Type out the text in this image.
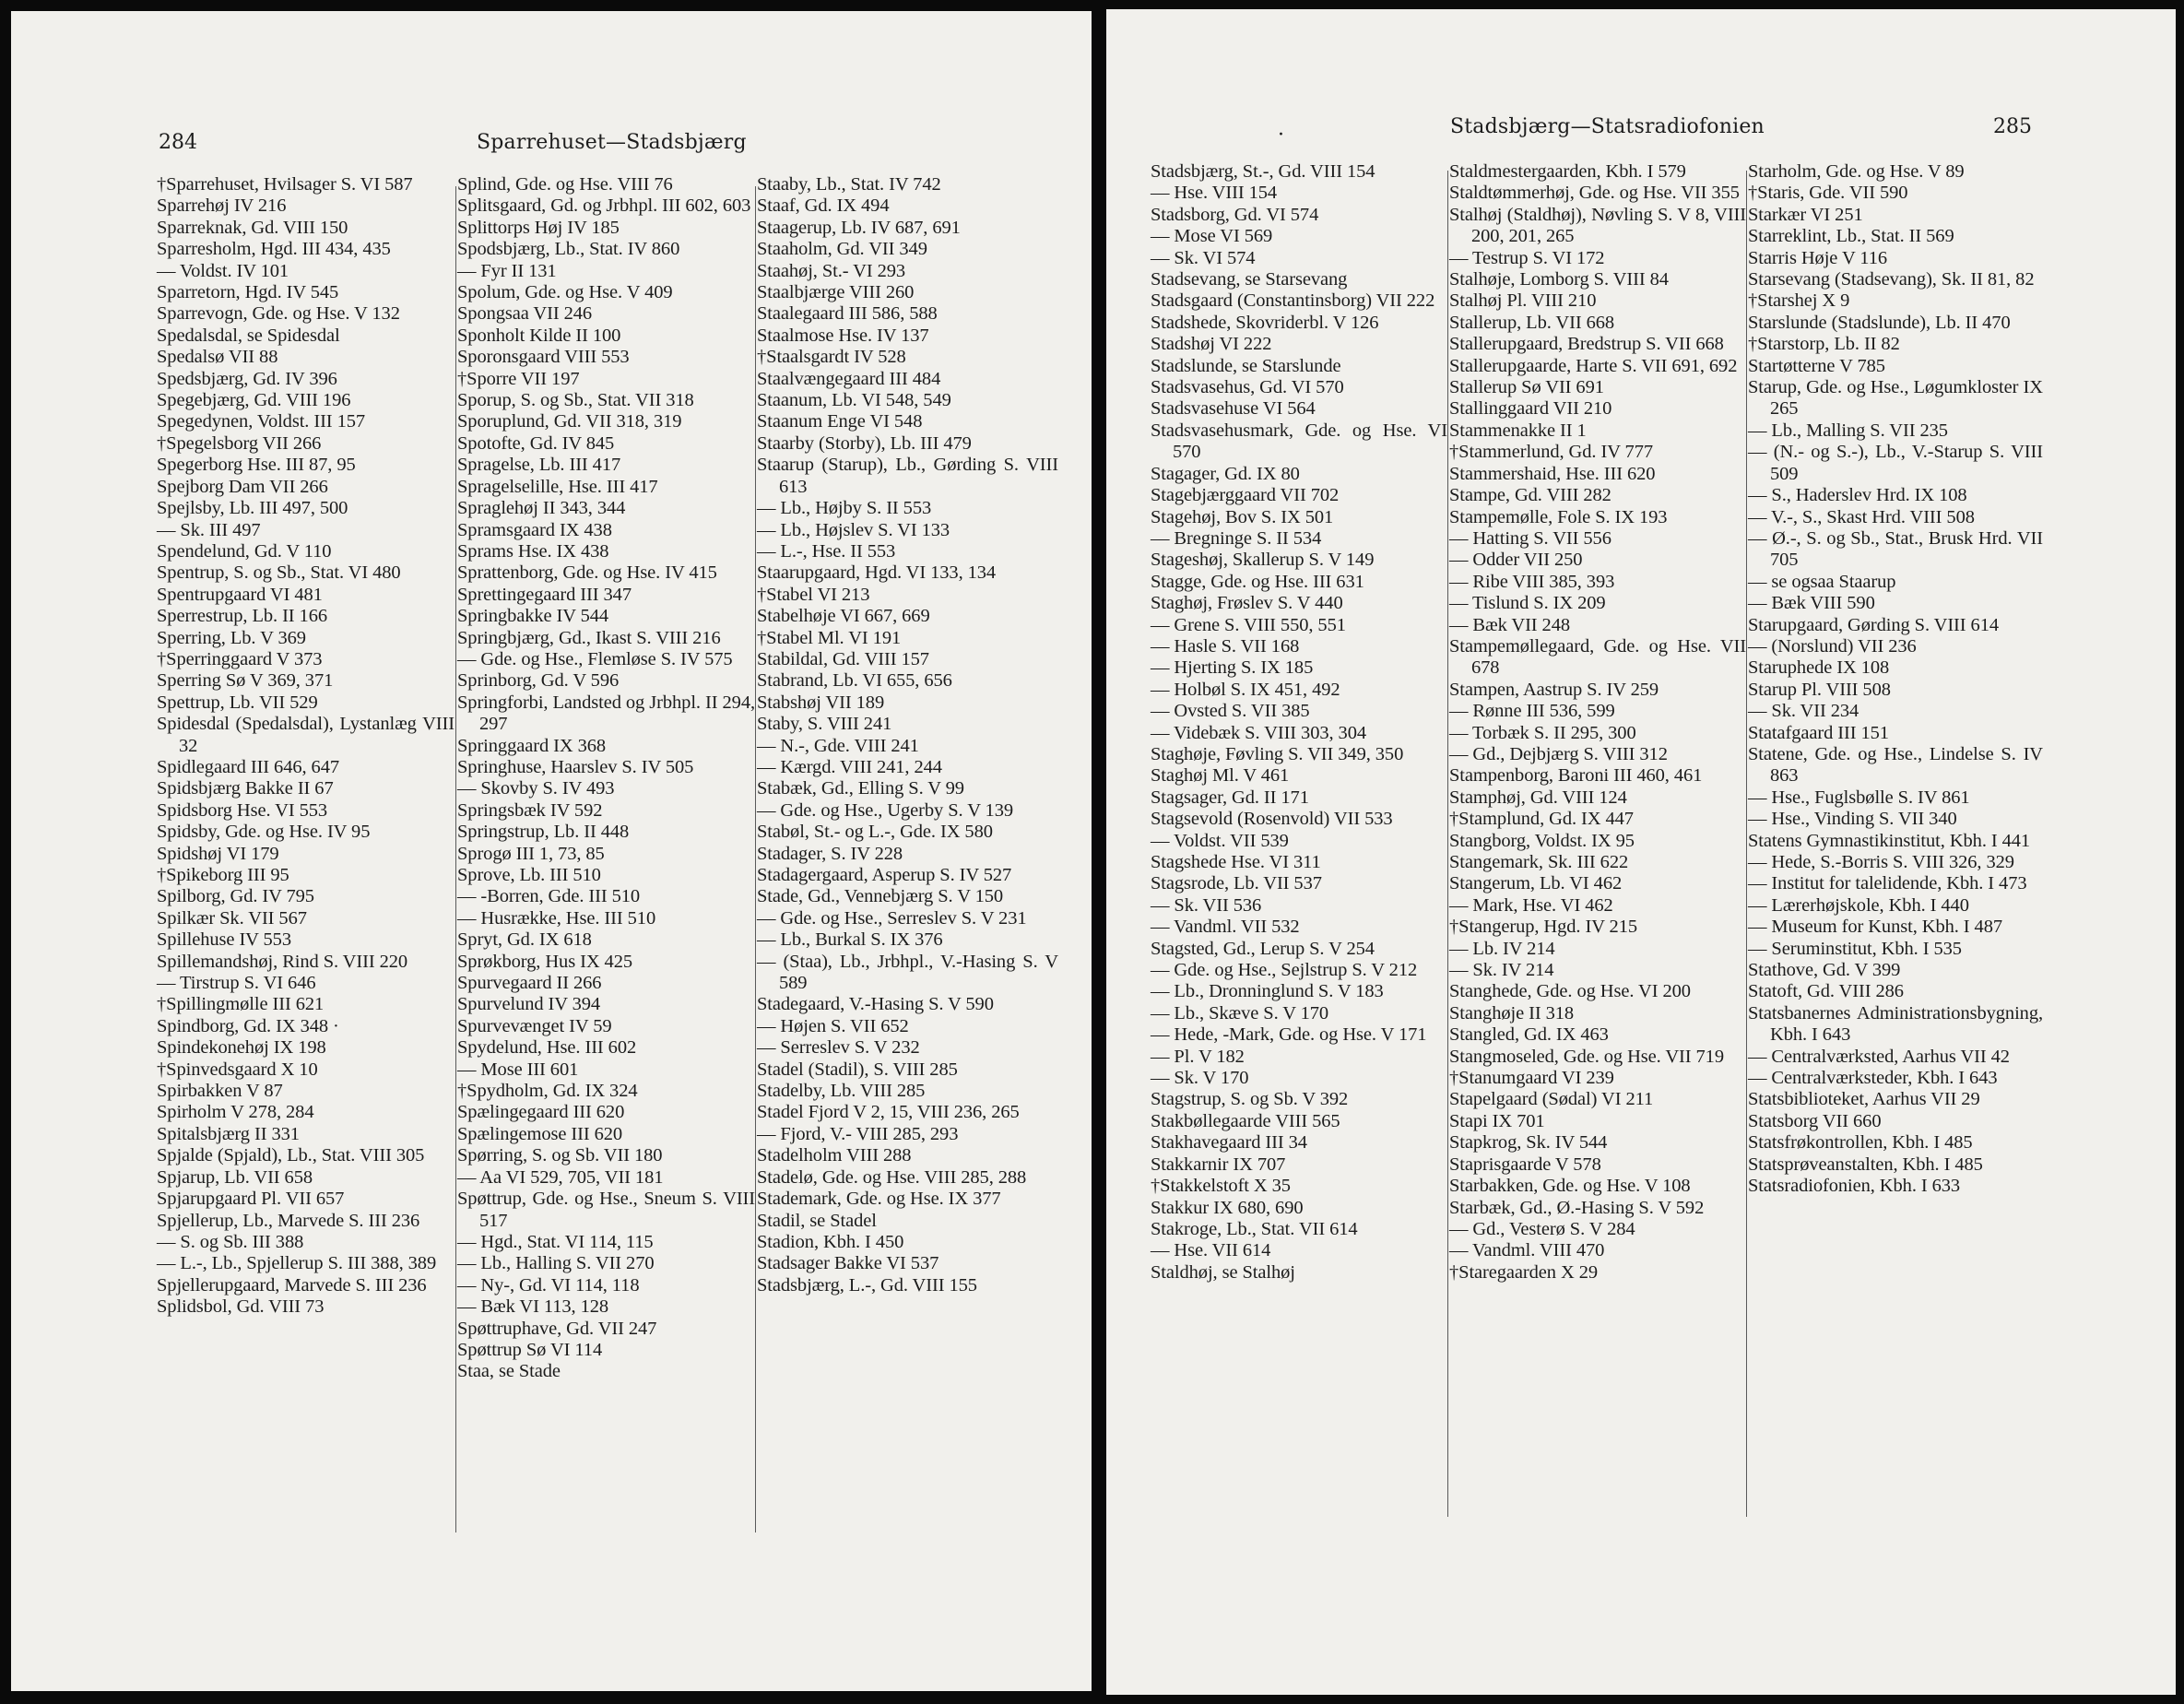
284	Sparrehuset—Stadsbjærg
†Sparrehuset, Hvilsager S. VI 587
Sparrehøj IV 216
Sparreknak, Gd. VIII 150
Sparresholm, Hgd. III 434, 435
— Voldst. IV 101
Sparretorn, Hgd. IV 545
Sparrevogn, Gde. og Hse. V 132
Spedalsdal, se Spidesdal
Spedalsø VII 88
Spedsbjærg, Gd. IV 396
Spegebjærg, Gd. VIII 196
Spegedynen, Voldst. III 157
†Spegelsborg VII 266
Spegerborg Hse. III 87, 95
Spejborg Dam VII 266
Spejlsby, Lb. III 497, 500
— Sk. III 497
Spendelund, Gd. V 110
Spentrup, S. og Sb., Stat. VI 480
Spentrupgaard VI 481
Sperrestrup, Lb. II 166
Sperring, Lb. V 369
†Sperringgaard V 373
Sperring Sø V 369, 371
Spettrup, Lb. VII 529
Spidesdal (Spedalsdal), Lystanlæg VIII 32
Spidlegaard III 646, 647
Spidsbjærg Bakke II 67
Spidsborg Hse. VI 553
Spidsby, Gde. og Hse. IV 95
Spidshøj VI 179
†Spikeborg III 95
Spilborg, Gd. IV 795
Spilkær Sk. VII 567
Spillehuse IV 553
Spillemandshøj, Rind S. VIII 220
— Tirstrup S. VI 646
†Spillingmølle III 621
Spindborg, Gd. IX 348 ·
Spindekonehøj IX 198
†Spinvedsgaard X 10
Spirbakken V 87
Spirholm V 278, 284
Spitalsbjærg II 331
Spjalde (Spjald), Lb., Stat. VIII 305
Spjarup, Lb. VII 658
Spjarupgaard Pl. VII 657
Spjellerup, Lb., Marvede S. III 236
— S. og Sb. III 388
— L.-, Lb., Spjellerup S. III 388, 389
Spjellerupgaard, Marvede S. III 236
Splidsbol, Gd. VIII 73
Splind, Gde. og Hse. VIII 76
Splitsgaard, Gd. og Jrbhpl. III 602, 603
Splittorps Høj IV 185
Spodsbjærg, Lb., Stat. IV 860
— Fyr II 131
Spolum, Gde. og Hse. V 409
Spongsaa VII 246
Sponholt Kilde II 100
Sporonsgaard VIII 553
†Sporre VII 197
Sporup, S. og Sb., Stat. VII 318
Sporuplund, Gd. VII 318, 319
Spotofte, Gd. IV 845
Spragelse, Lb. III 417
Spragelselille, Hse. III 417
Spraglehøj II 343, 344
Spramsgaard IX 438
Sprams Hse. IX 438
Sprattenborg, Gde. og Hse. IV 415
Sprettingegaard III 347
Springbakke IV 544
Springbjærg, Gd., Ikast S. VIII 216
— Gde. og Hse., Flemløse S. IV 575
Sprinborg, Gd. V 596
Springforbi, Landsted og Jrbhpl. II 294, 297
Springgaard IX 368
Springhuse, Haarslev S. IV 505
— Skovby S. IV 493
Springsbæk IV 592
Springstrup, Lb. II 448
Sprogø III 1, 73, 85
Sprove, Lb. III 510
— -Borren, Gde. III 510
— Husrække, Hse. III 510
Spryt, Gd. IX 618
Sprøkborg, Hus IX 425
Spurvegaard II 266
Spurvelund IV 394
Spurvevænget IV 59
Spydelund, Hse. III 602
— Mose III 601
†Spydholm, Gd. IX 324
Spælingegaard III 620
Spælingemose III 620
Spørring, S. og Sb. VII 180
— Aa VI 529, 705, VII 181
Spøttrup, Gde. og Hse., Sneum S. VIII 517
— Hgd., Stat. VI 114, 115
— Lb., Halling S. VII 270
— Ny-, Gd. VI 114, 118
— Bæk VI 113, 128
Spøttruphave, Gd. VII 247
Spøttrup Sø VI 114
Staa, se Stade
Staaby, Lb., Stat. IV 742
Staaf, Gd. IX 494
Staagerup, Lb. IV 687, 691
Staaholm, Gd. VII 349
Staahøj, St.- VI 293
Staalbjærge VIII 260
Staalegaard III 586, 588
Staalmose Hse. IV 137
†Staalsgardt IV 528
Staalvængegaard III 484
Staanum, Lb. VI 548, 549
Staanum Enge VI 548
Staarby (Storby), Lb. III 479
Staarup (Starup), Lb., Gørding S. VIII 613
— Lb., Højby S. II 553
— Lb., Højslev S. VI 133
— L.-, Hse. II 553
Staarupgaard, Hgd. VI 133, 134
†Stabel VI 213
Stabelhøje VI 667, 669
†Stabel Ml. VI 191
Stabildal, Gd. VIII 157
Stabrand, Lb. VI 655, 656
Stabshøj VII 189
Staby, S. VIII 241
— N.-, Gde. VIII 241
— Kærgd. VIII 241, 244
Stabæk, Gd., Elling S. V 99
— Gde. og Hse., Ugerby S. V 139
Stabøl, St.- og L.-, Gde. IX 580
Stadager, S. IV 228
Stadagergaard, Asperup S. IV 527
Stade, Gd., Vennebjærg S. V 150
— Gde. og Hse., Serreslev S. V 231
— Lb., Burkal S. IX 376
— (Staa), Lb., Jrbhpl., V.-Hasing S. V 589
Stadegaard, V.-Hasing S. V 590
— Højen S. VII 652
— Serreslev S. V 232
Stadel (Stadil), S. VIII 285
Stadelby, Lb. VIII 285
Stadel Fjord V 2, 15, VIII 236, 265
— Fjord, V.- VIII 285, 293
Stadelholm VIII 288
Stadelø, Gde. og Hse. VIII 285, 288
Stademark, Gde. og Hse. IX 377
Stadil, se Stadel
Stadion, Kbh. I 450
Stadsager Bakke VI 537
Stadsbjærg, L.-, Gd. VIII 155
·	Stadsbjærg—Statsradiofonien	285
Stadsbjærg, St.-, Gd. VIII 154
— Hse. VIII 154
Stadsborg, Gd. VI 574
— Mose VI 569
— Sk. VI 574
Stadsevang, se Starsevang
Stadsgaard (Constantinsborg) VII 222
Stadshede, Skovriderbl. V 126
Stadshøj VI 222
Stadslunde, se Starslunde
Stadsvasehus, Gd. VI 570
Stadsvasehuse VI 564
Stadsvasehusmark, Gde. og Hse. VI 570
Stagager, Gd. IX 80
Stagebjærggaard VII 702
Stagehøj, Bov S. IX 501
— Bregninge S. II 534
Stageshøj, Skallerup S. V 149
Stagge, Gde. og Hse. III 631
Staghøj, Frøslev S. V 440
— Grene S. VIII 550, 551
— Hasle S. VII 168
— Hjerting S. IX 185
— Holbøl S. IX 451, 492
— Ovsted S. VII 385
— Videbæk S. VIII 303, 304
Staghøje, Føvling S. VII 349, 350
Staghøj Ml. V 461
Stagsager, Gd. II 171
Stagsevold (Rosenvold) VII 533
— Voldst. VII 539
Stagshede Hse. VI 311
Stagsrode, Lb. VII 537
— Sk. VII 536
— Vandml. VII 532
Stagsted, Gd., Lerup S. V 254
— Gde. og Hse., Sejlstrup S. V 212
— Lb., Dronninglund S. V 183
— Lb., Skæve S. V 170
— Hede, -Mark, Gde. og Hse. V 171
— Pl. V 182
— Sk. V 170
Stagstrup, S. og Sb. V 392
Stakbøllegaarde VIII 565
Stakhavegaard III 34
Stakkarnir IX 707
†Stakkelstoft X 35
Stakkur IX 680, 690
Stakroge, Lb., Stat. VII 614
— Hse. VII 614
Staldhøj, se Stalhøj
Staldmestergaarden, Kbh. I 579
Staldtømmerhøj, Gde. og Hse. VII 355
Stalhøj (Staldhøj), Nøvling S. V 8, VIII 200, 201, 265
— Testrup S. VI 172
Stalhøje, Lomborg S. VIII 84
Stalhøj Pl. VIII 210
Stallerup, Lb. VII 668
Stallerupgaard, Bredstrup S. VII 668
Stallerupgaarde, Harte S. VII 691, 692
Stallerup Sø VII 691
Stallinggaard VII 210
Stammenakke II 1
†Stammerlund, Gd. IV 777
Stammershaid, Hse. III 620
Stampe, Gd. VIII 282
Stampemølle, Fole S. IX 193
— Hatting S. VII 556
— Odder VII 250
— Ribe VIII 385, 393
— Tislund S. IX 209
— Bæk VII 248
Stampemøllegaard, Gde. og Hse. VII 678
Stampen, Aastrup S. IV 259
— Rønne III 536, 599
— Torbæk S. II 295, 300
— Gd., Dejbjærg S. VIII 312
Stampenborg, Baroni III 460, 461
Stamphøj, Gd. VIII 124
†Stamplund, Gd. IX 447
Stangborg, Voldst. IX 95
Stangemark, Sk. III 622
Stangerum, Lb. VI 462
— Mark, Hse. VI 462
†Stangerup, Hgd. IV 215
— Lb. IV 214
— Sk. IV 214
Stanghede, Gde. og Hse. VI 200
Stanghøje II 318
Stangled, Gd. IX 463
Stangmoseled, Gde. og Hse. VII 719
†Stanumgaard VI 239
Stapelgaard (Sødal) VI 211
Stapi IX 701
Stapkrog, Sk. IV 544
Staprisgaarde V 578
Starbakken, Gde. og Hse. V 108
Starbæk, Gd., Ø.-Hasing S. V 592
— Gd., Vesterø S. V 284
— Vandml. VIII 470
†Staregaarden X 29
Starholm, Gde. og Hse. V 89
†Staris, Gde. VII 590
Starkær VI 251
Starreklint, Lb., Stat. II 569
Starris Høje V 116
Starsevang (Stadsevang), Sk. II 81, 82
†Starshej X 9
Starslunde (Stadslunde), Lb. II 470
†Starstorp, Lb. II 82
Startøtterne V 785
Starup, Gde. og Hse., Løgumkloster IX 265
— Lb., Malling S. VII 235
— (N.- og S.-), Lb., V.-Starup S. VIII 509
— S., Haderslev Hrd. IX 108
— V.-, S., Skast Hrd. VIII 508
— Ø.-, S. og Sb., Stat., Brusk Hrd. VII 705
— se ogsaa Staarup
— Bæk VIII 590
Starupgaard, Gørding S. VIII 614
— (Norslund) VII 236
Staruphede IX 108
Starup Pl. VIII 508
— Sk. VII 234
Statafgaard III 151
Statene, Gde. og Hse., Lindelse S. IV 863
— Hse., Fuglsbølle S. IV 861
— Hse., Vinding S. VII 340
Statens Gymnastikinstitut, Kbh. I 441
— Hede, S.-Borris S. VIII 326, 329
— Institut for talelidende, Kbh. I 473
— Lærerhøjskole, Kbh. I 440
— Museum for Kunst, Kbh. I 487
— Seruminstitut, Kbh. I 535
Stathove, Gd. V 399
Statoft, Gd. VIII 286
Statsbanernes Administrationsbygning, Kbh. I 643
— Centralværksted, Aarhus VII 42
— Centralværksteder, Kbh. I 643
Statsbiblioteket, Aarhus VII 29
Statsborg VII 660
Statsfrøkontrollen, Kbh. I 485
Statsprøveanstalten, Kbh. I 485
Statsradiofonien, Kbh. I 633
